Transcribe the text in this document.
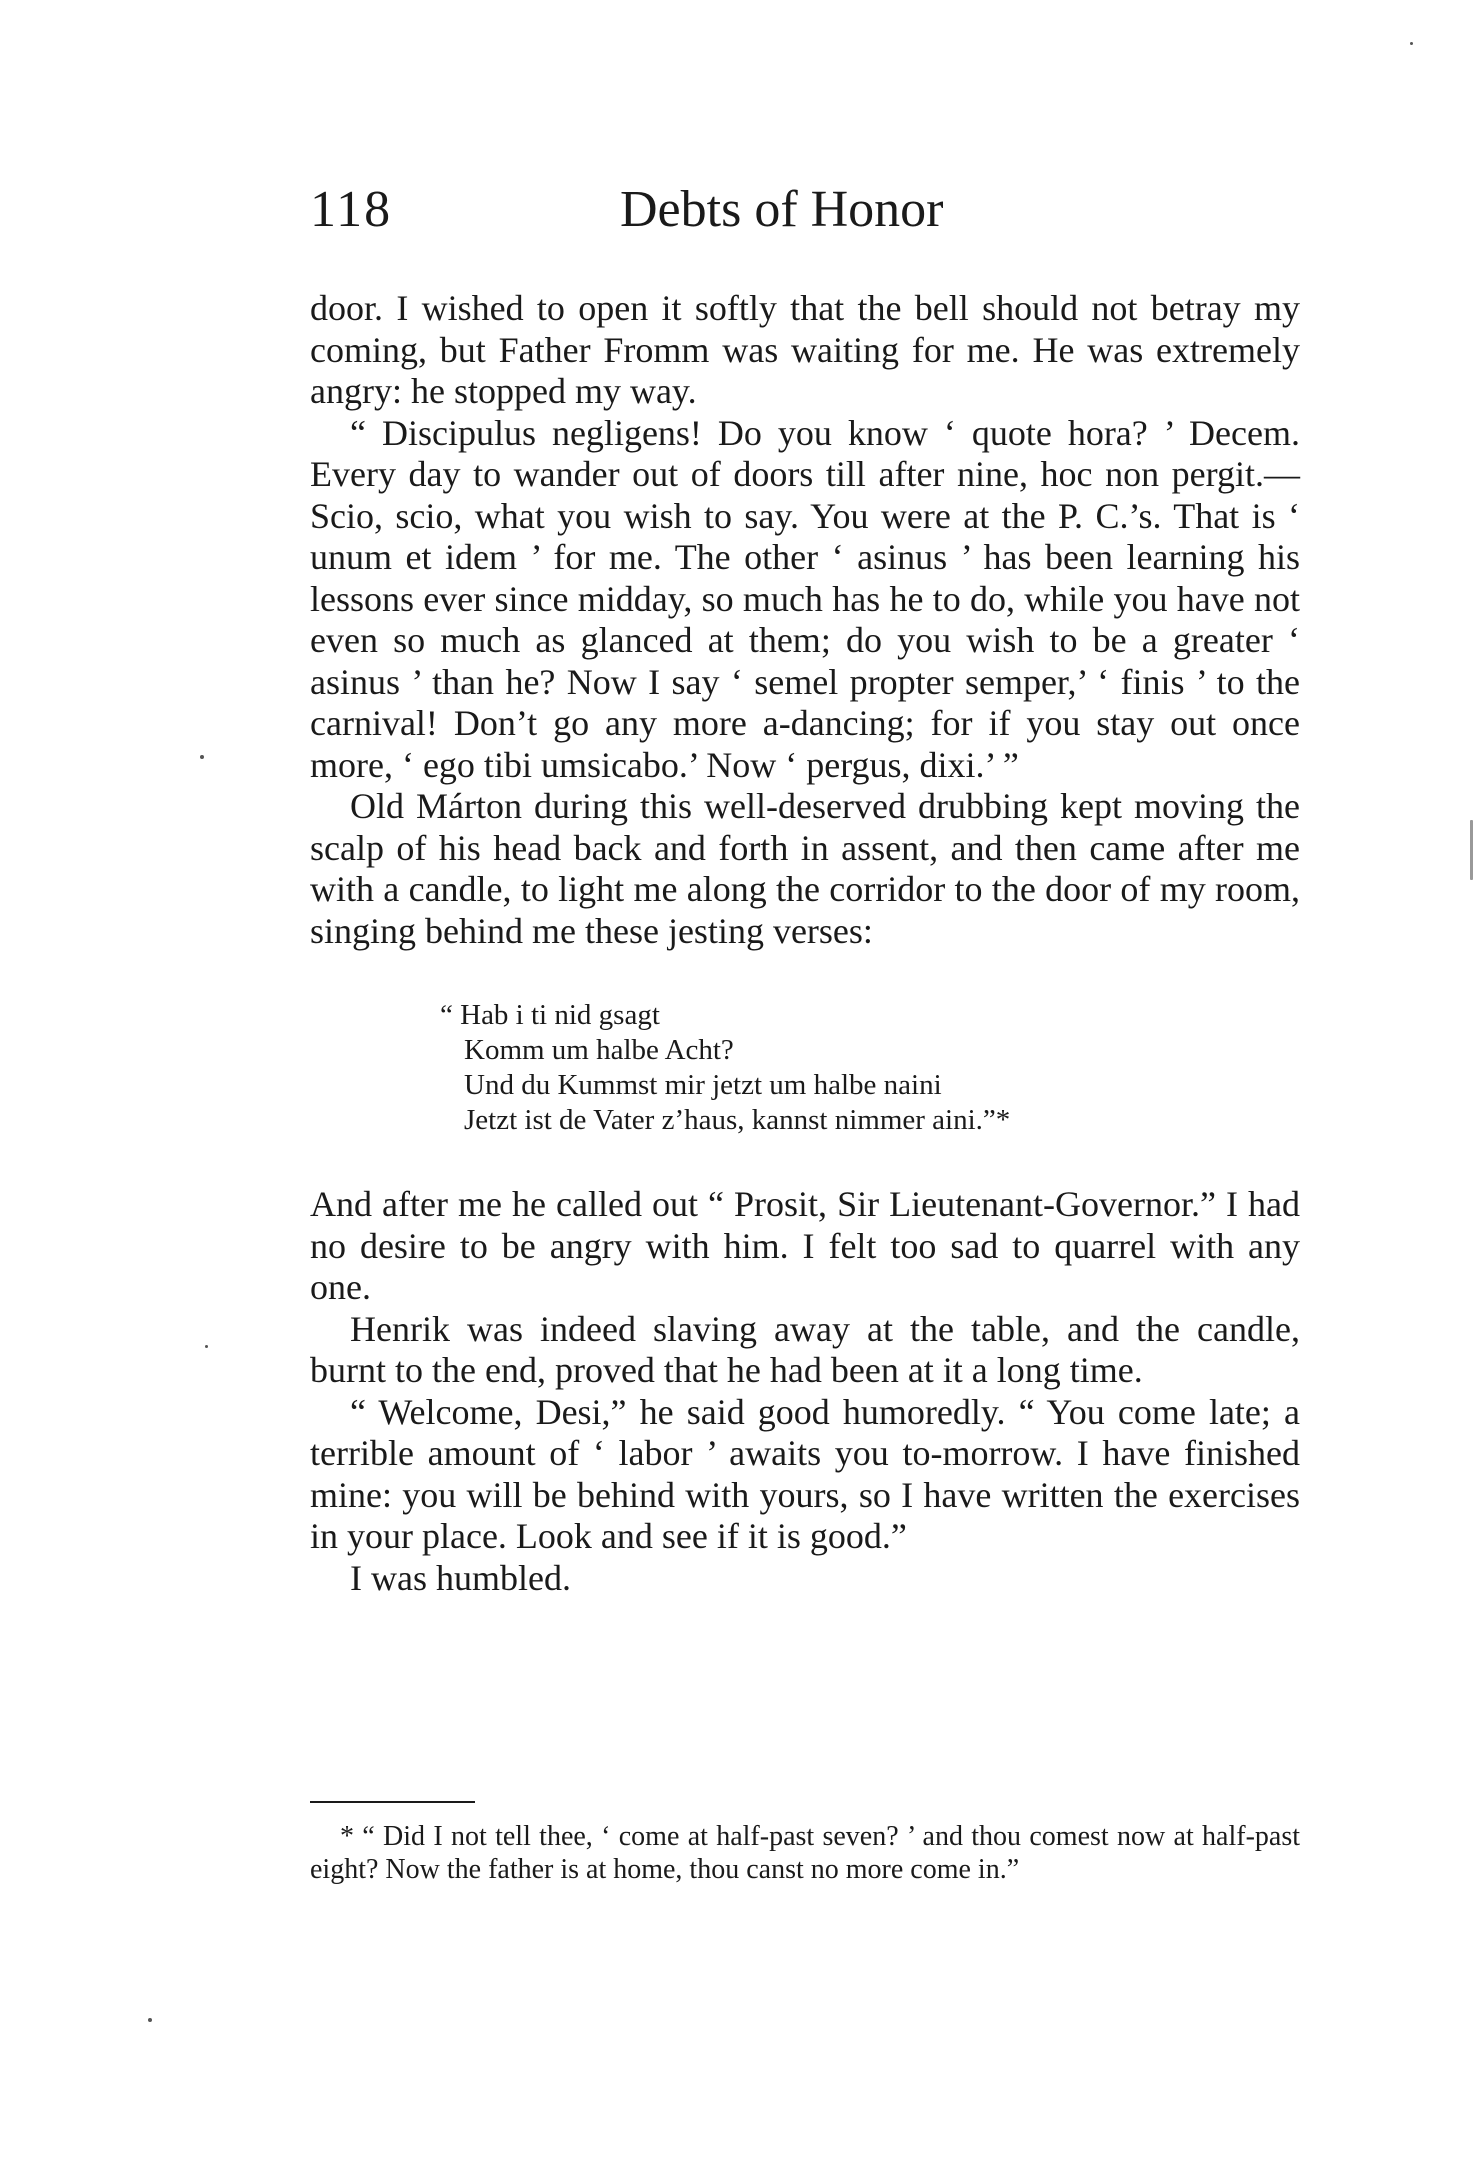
118	Debts of Honor

door. I wished to open it softly that the bell should not betray my coming, but Father Fromm was waiting for me. He was extremely angry: he stopped my way.

“ Discipulus negligens! Do you know ‘ quote hora? ’ Decem. Every day to wander out of doors till after nine, hoc non pergit.—Scio, scio, what you wish to say. You were at the P. C.’s. That is ‘ unum et idem ’ for me. The other ‘ asinus ’ has been learning his lessons ever since midday, so much has he to do, while you have not even so much as glanced at them; do you wish to be a greater ‘ asinus ’ than he? Now I say ‘ semel propter semper,’ ‘ finis ’ to the carnival! Don’t go any more a-dancing; for if you stay out once more, ‘ ego tibi umsicabo.’ Now ‘ pergus, dixi.’ ”

Old Márton during this well-deserved drubbing kept moving the scalp of his head back and forth in assent, and then came after me with a candle, to light me along the corridor to the door of my room, singing behind me these jesting verses:

“ Hab i ti nid gsagt
Komm um halbe Acht?
Und du Kummst mir jetzt um halbe naini
Jetzt ist de Vater z’haus, kannst nimmer aini.”*

And after me he called out “ Prosit, Sir Lieutenant-Governor.” I had no desire to be angry with him. I felt too sad to quarrel with any one.

Henrik was indeed slaving away at the table, and the candle, burnt to the end, proved that he had been at it a long time.

“ Welcome, Desi,” he said good humoredly. “ You come late; a terrible amount of ‘ labor ’ awaits you to-morrow. I have finished mine: you will be behind with yours, so I have written the exercises in your place. Look and see if it is good.”

I was humbled.

* “ Did I not tell thee, ‘ come at half-past seven? ’ and thou comest now at half-past eight? Now the father is at home, thou canst no more come in.”
